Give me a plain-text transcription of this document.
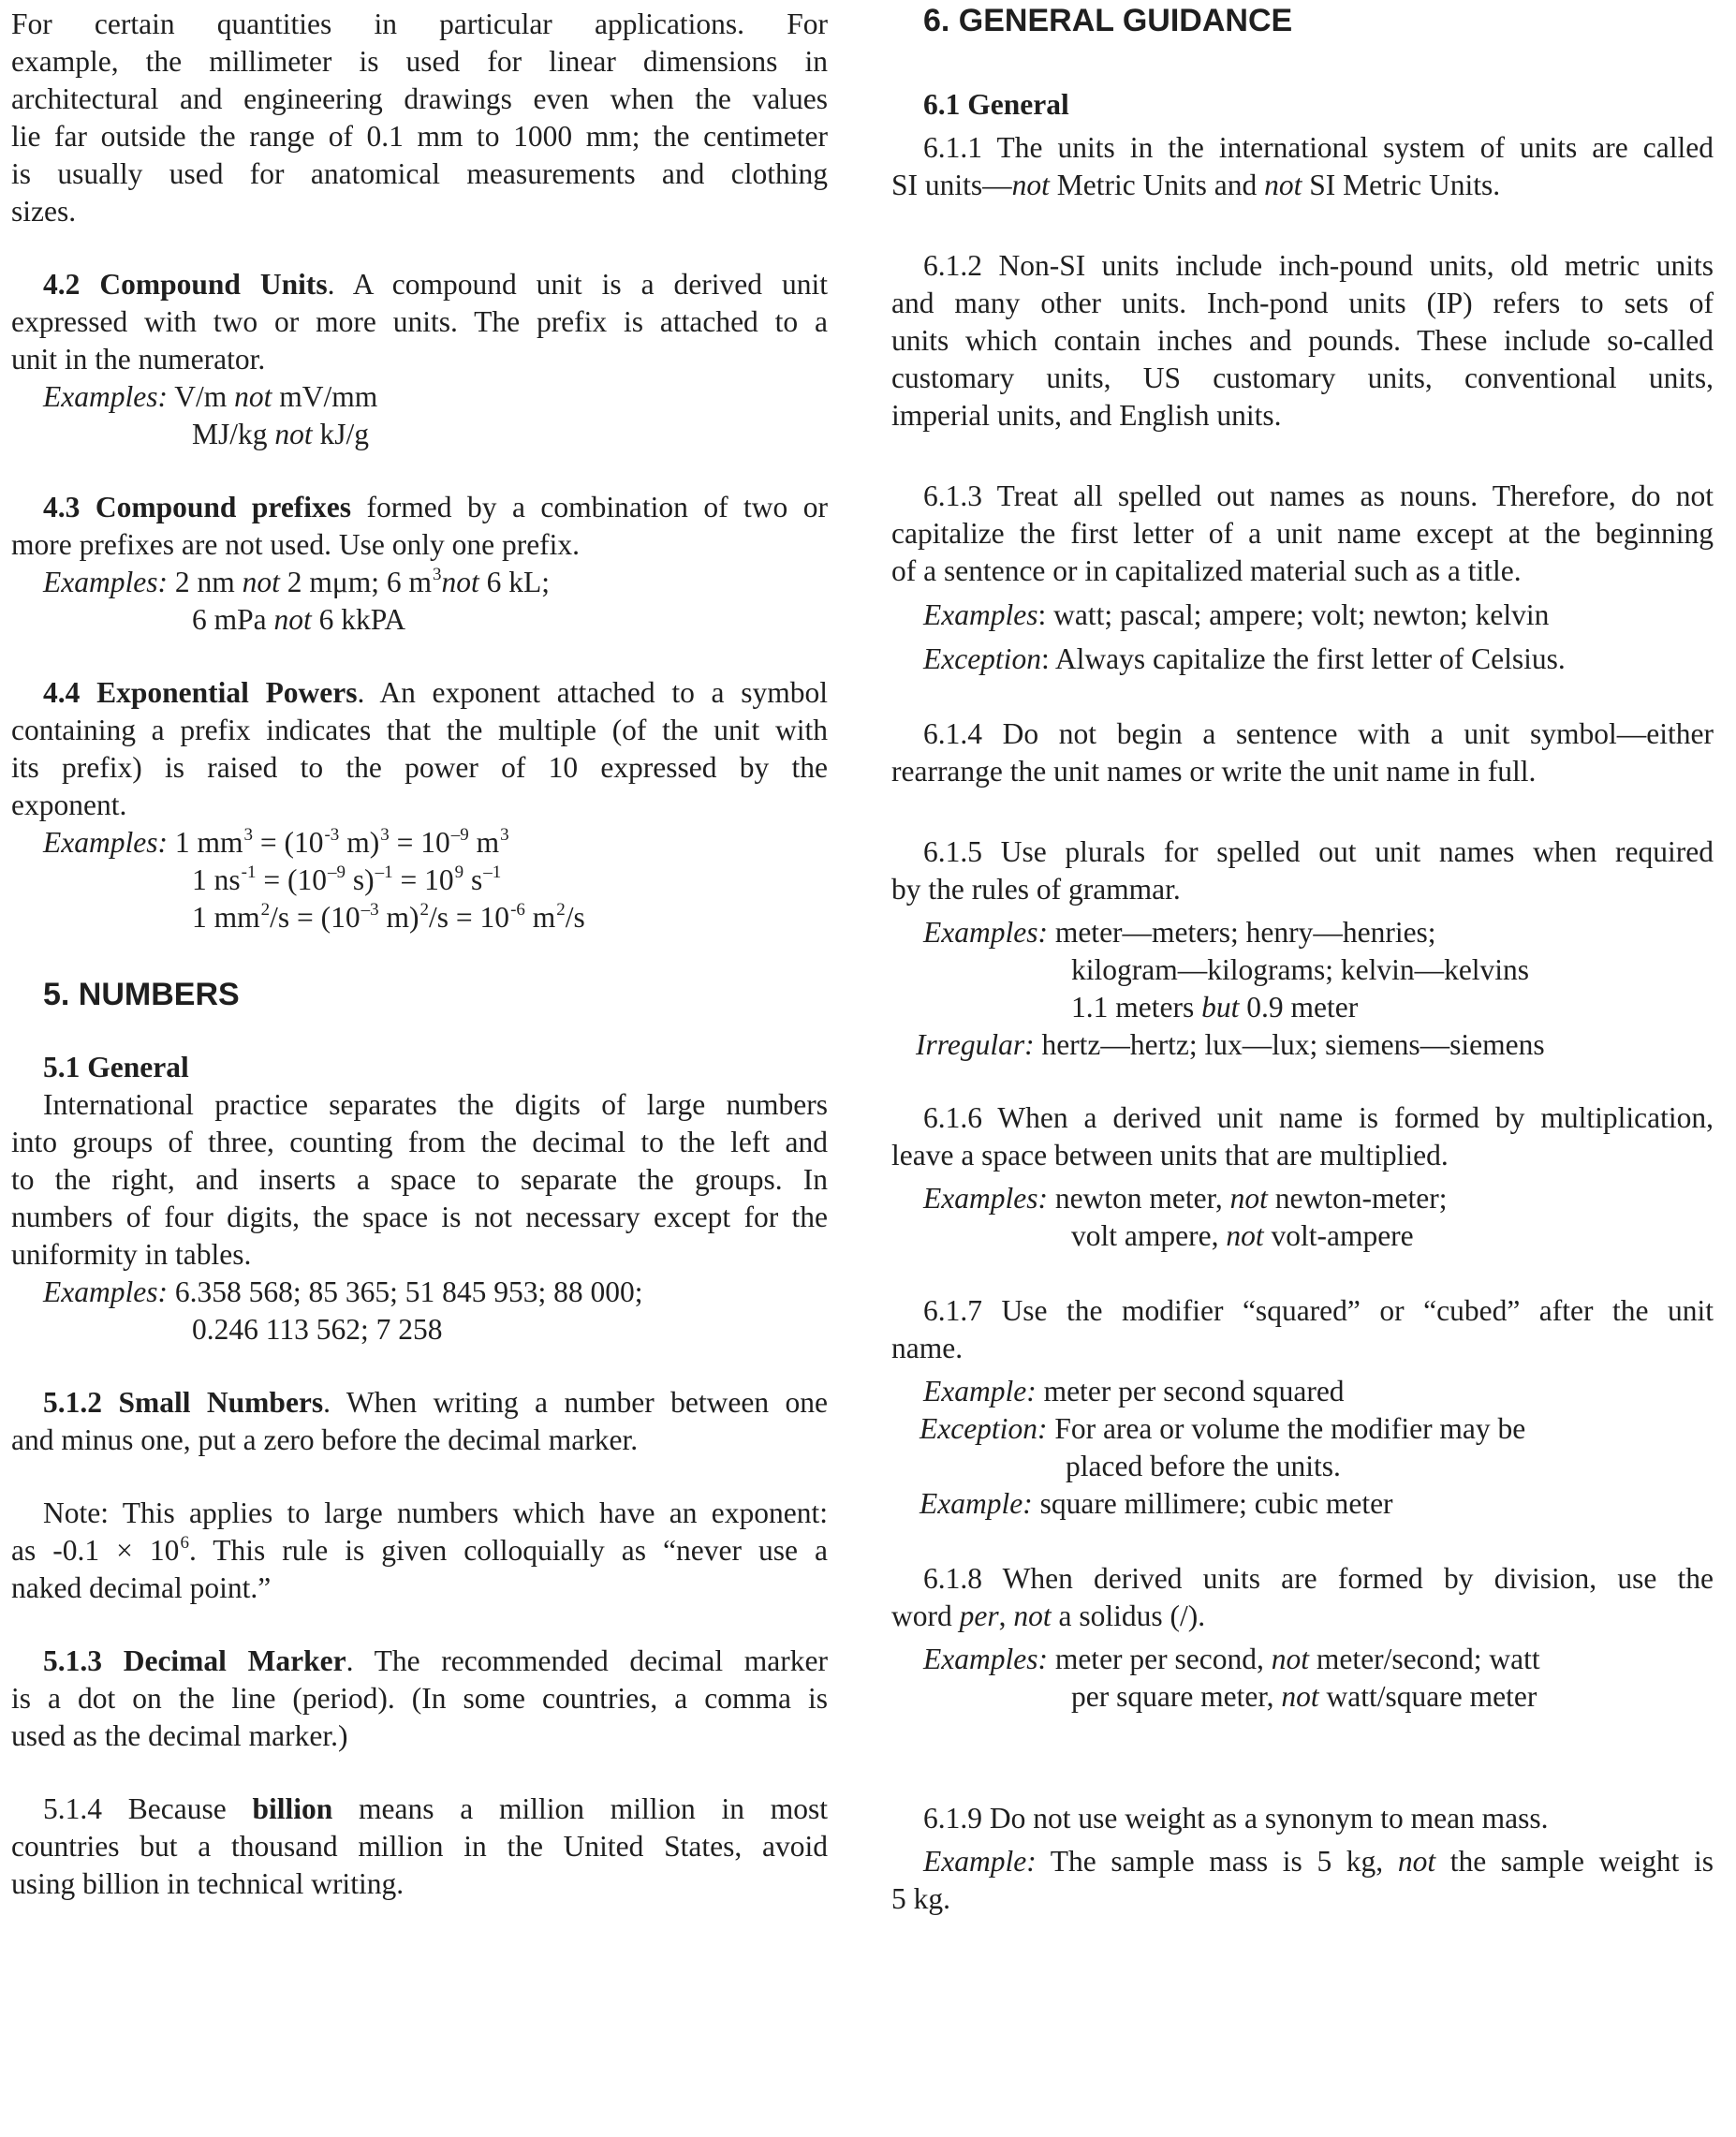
For certain quantities in particular applications. For
example, the millimeter is used for linear dimensions in
architectural and engineering drawings even when the values
lie far outside the range of 0.1 mm to 1000 mm; the centimeter
is usually used for anatomical measurements and clothing
sizes.
4.2 Compound Units. A compound unit is a derived unit
expressed with two or more units. The prefix is attached to a
unit in the numerator.
Examples: V/m not mV/mm
MJ/kg not kJ/g
4.3 Compound prefixes formed by a combination of two or
more prefixes are not used. Use only one prefix.
Examples: 2 nm not 2 mμm; 6 $m^3not$ 6 kL;
6 mPa not 6 kkPA
4.4 Exponential Powers. An exponent attached to a symbol
containing a prefix indicates that the multiple (of the unit with
its prefix) is raised to the power of 10 expressed by the
exponent.
Examples: 1 $mm^3 = (10^{-3}$ $m)^3 = 10^{-9}$ $m^3$
1 $ns^{-1} = (10^{-9}$ $s)^{-1} = 10^9$ $s^{-1}$
1 $mm^2/s = (10^{-3}$ $m)^2/s = 10^{-6}$ $m^2/s$
5. NUMBERS
5.1 General
International practice separates the digits of large numbers
into groups of three, counting from the decimal to the left and
to the right, and inserts a space to separate the groups. In
numbers of four digits, the space is not necessary except for the
uniformity in tables.
Examples: 6.358 568; 85 365; 51 845 953; 88 000;
0.246 113 562; 7 258
5.1.2 Small Numbers. When writing a number between one
and minus one, put a zero before the decimal marker.
Note: This applies to large numbers which have an exponent:
as $-0.1 \times 10^6$. This rule is given colloquially as “never use a
naked decimal point.”
5.1.3 Decimal Marker. The recommended decimal marker
is a dot on the line (period). (In some countries, a comma is
used as the decimal marker.)
5.1.4 Because billion means a million million in most
countries but a thousand million in the United States, avoid
using billion in technical writing.
6. GENERAL GUIDANCE
6.1 General
6.1.1 The units in the international system of units are called
SI units—not Metric Units and not SI Metric Units.
6.1.2 Non-SI units include inch-pound units, old metric units
and many other units. Inch-pond units (IP) refers to sets of
units which contain inches and pounds. These include so-called
customary units, US customary units, conventional units,
imperial units, and English units.
6.1.3 Treat all spelled out names as nouns. Therefore, do not
capitalize the first letter of a unit name except at the beginning
of a sentence or in capitalized material such as a title.
Examples: watt; pascal; ampere; volt; newton; kelvin
Exception: Always capitalize the first letter of Celsius.
6.1.4 Do not begin a sentence with a unit symbol—either
rearrange the unit names or write the unit name in full.
6.1.5 Use plurals for spelled out unit names when required
by the rules of grammar.
Examples: meter—meters; henry—henries;
kilogram—kilograms; kelvin—kelvins
1.1 meters but 0.9 meter
Irregular: hertz—hertz; lux—lux; siemens—siemens
6.1.6 When a derived unit name is formed by multiplication,
leave a space between units that are multiplied.
Examples: newton meter, not newton-meter;
volt ampere, not volt-ampere
6.1.7 Use the modifier “squared” or “cubed” after the unit
name.
Example: meter per second squared
Exception: For area or volume the modifier may be
placed before the units.
Example: square millimere; cubic meter
6.1.8 When derived units are formed by division, use the
word per, not a solidus (/).
Examples: meter per second, not meter/second; watt
per square meter, not watt/square meter
6.1.9 Do not use weight as a synonym to mean mass.
Example: The sample mass is 5 kg, not the sample weight is
5 kg.
